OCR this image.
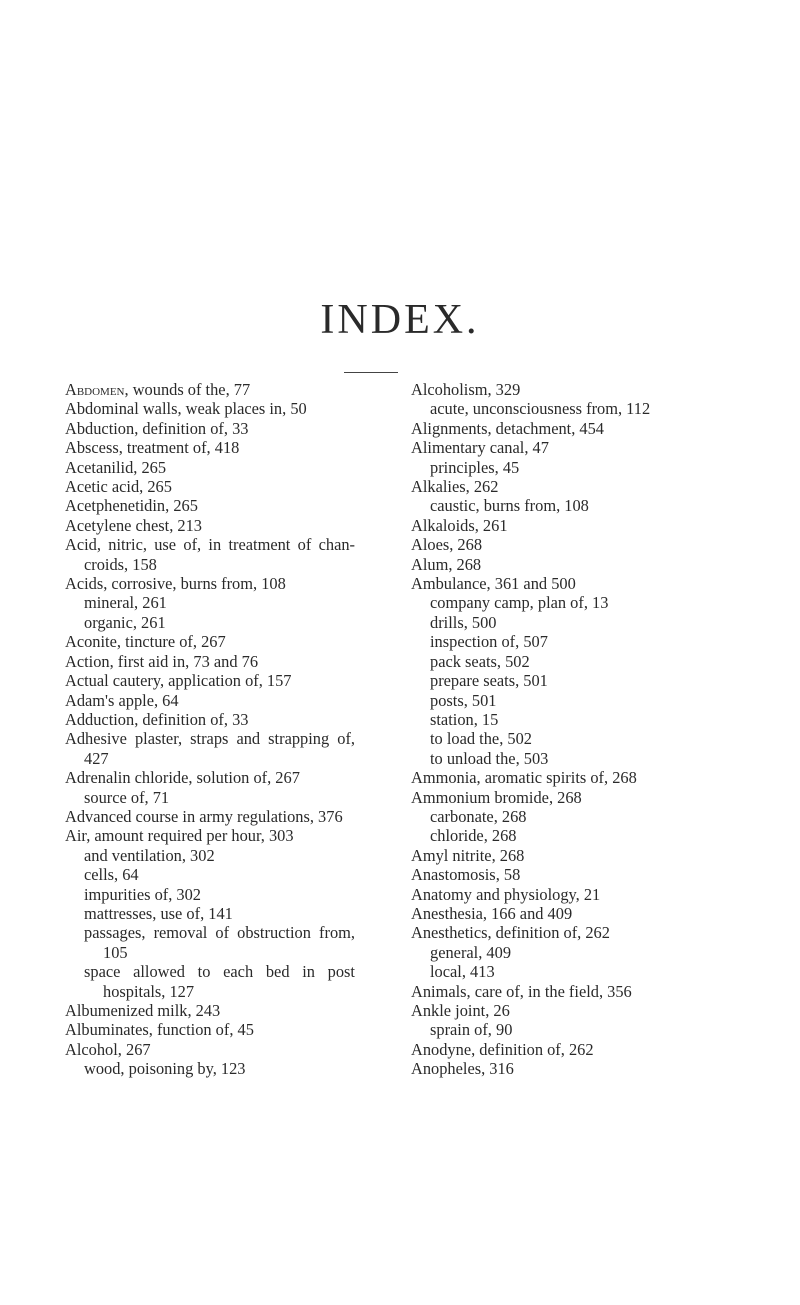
INDEX.
Abdomen, wounds of the, 77
Abdominal walls, weak places in, 50
Abduction, definition of, 33
Abscess, treatment of, 418
Acetanilid, 265
Acetic acid, 265
Acetphenetidin, 265
Acetylene chest, 213
Acid, nitric, use of, in treatment of chan-croids, 158
Acids, corrosive, burns from, 108
mineral, 261
organic, 261
Aconite, tincture of, 267
Action, first aid in, 73 and 76
Actual cautery, application of, 157
Adam's apple, 64
Adduction, definition of, 33
Adhesive plaster, straps and strapping of, 427
Adrenalin chloride, solution of, 267
source of, 71
Advanced course in army regulations, 376
Air, amount required per hour, 303
and ventilation, 302
cells, 64
impurities of, 302
mattresses, use of, 141
passages, removal of obstruction from, 105
space allowed to each bed in post hospitals, 127
Albumenized milk, 243
Albuminates, function of, 45
Alcohol, 267
wood, poisoning by, 123
Alcoholism, 329
acute, unconsciousness from, 112
Alignments, detachment, 454
Alimentary canal, 47
principles, 45
Alkalies, 262
caustic, burns from, 108
Alkaloids, 261
Aloes, 268
Alum, 268
Ambulance, 361 and 500
company camp, plan of, 13
drills, 500
inspection of, 507
pack seats, 502
prepare seats, 501
posts, 501
station, 15
to load the, 502
to unload the, 503
Ammonia, aromatic spirits of, 268
Ammonium bromide, 268
carbonate, 268
chloride, 268
Amyl nitrite, 268
Anastomosis, 58
Anatomy and physiology, 21
Anesthesia, 166 and 409
Anesthetics, definition of, 262
general, 409
local, 413
Animals, care of, in the field, 356
Ankle joint, 26
sprain of, 90
Anodyne, definition of, 262
Anopheles, 316
